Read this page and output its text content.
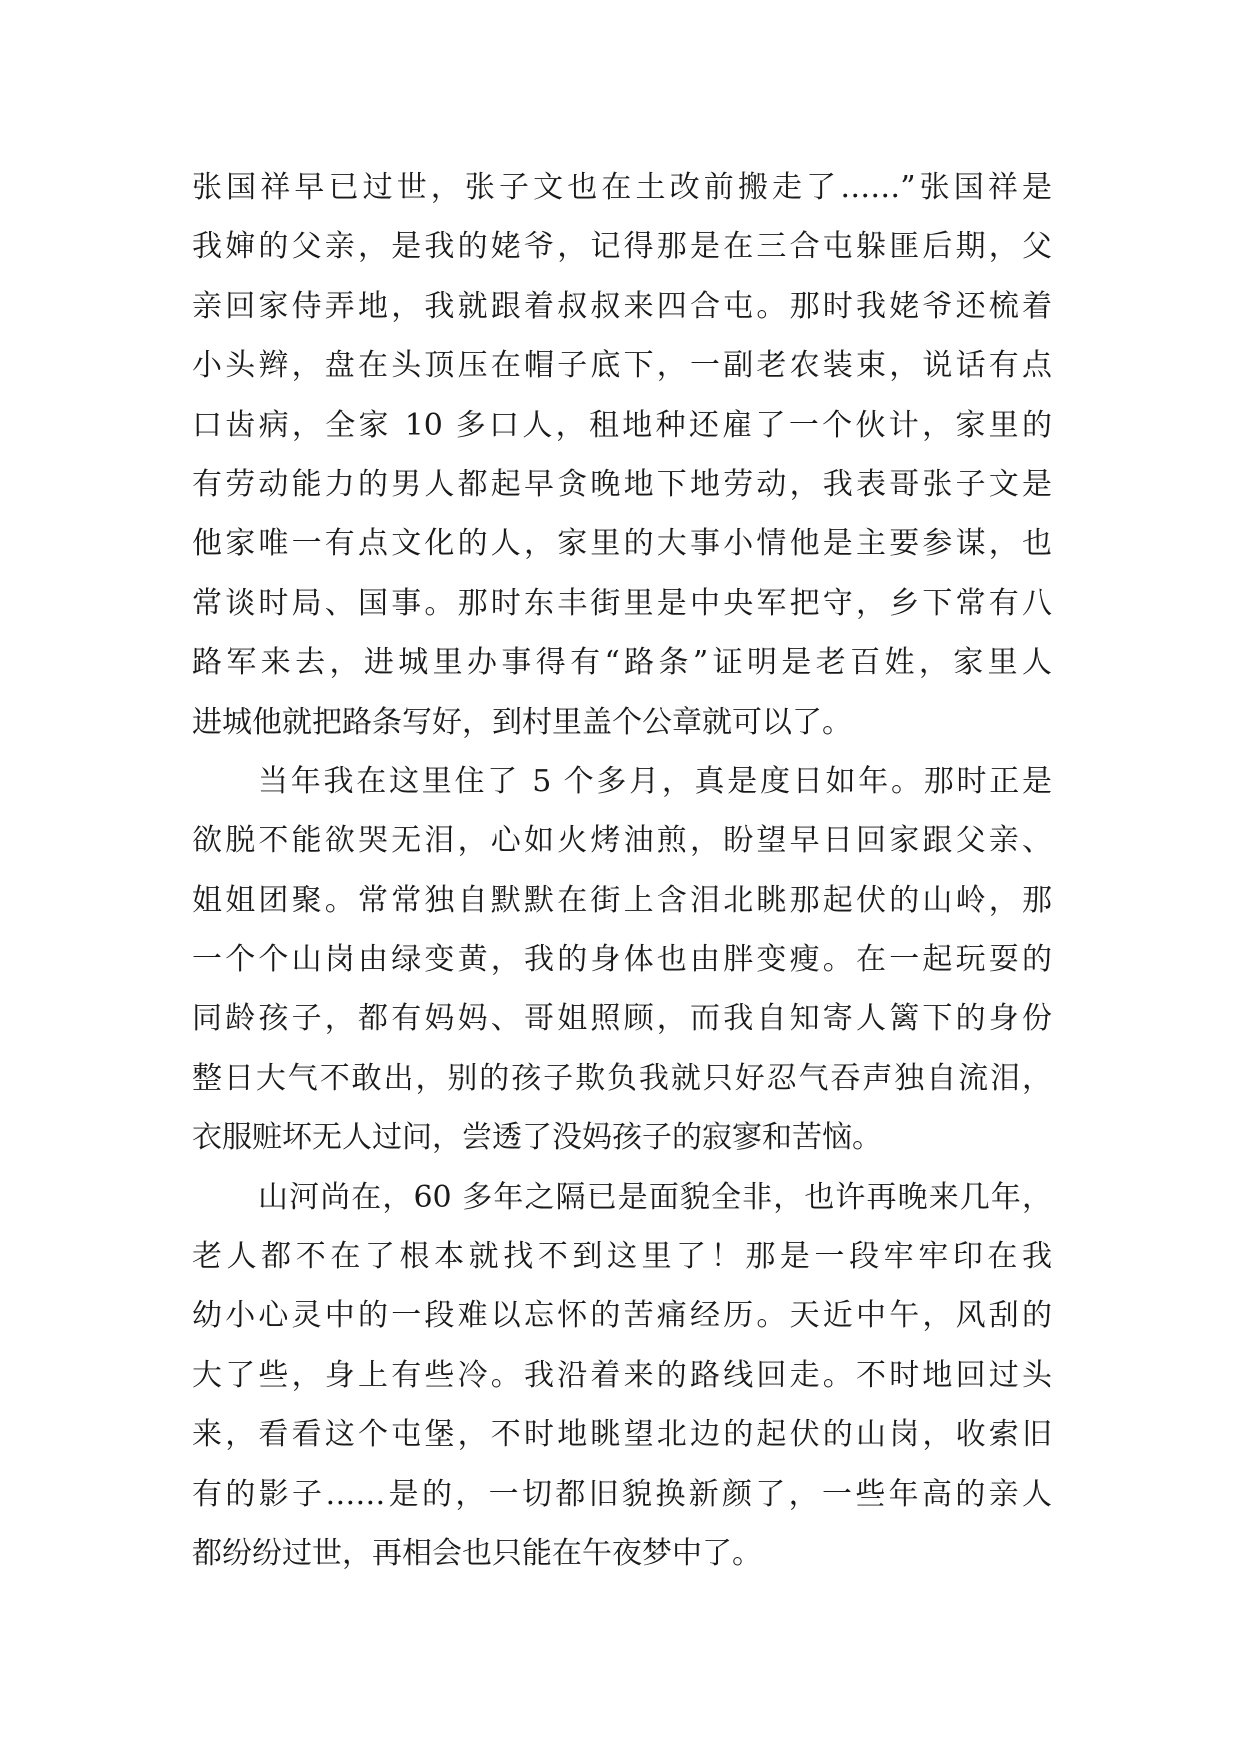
张国祥早已过世，张子文也在土改前搬走了……”张国祥是
我婶的父亲，是我的姥爷，记得那是在三合屯躲匪后期，父
亲回家侍弄地，我就跟着叔叔来四合屯。那时我姥爷还梳着
小头辫，盘在头顶压在帽子底下，一副老农装束，说话有点
口齿病，全家 10 多口人，租地种还雇了一个伙计，家里的
有劳动能力的男人都起早贪晚地下地劳动，我表哥张子文是
他家唯一有点文化的人，家里的大事小情他是主要参谋，也
常谈时局、国事。那时东丰街里是中央军把守，乡下常有八
路军来去，进城里办事得有“路条”证明是老百姓，家里人
进城他就把路条写好，到村里盖个公章就可以了。

当年我在这里住了 5 个多月，真是度日如年。那时正是
欲脱不能欲哭无泪，心如火烤油煎，盼望早日回家跟父亲、
姐姐团聚。常常独自默默在街上含泪北眺那起伏的山岭，那
一个个山岗由绿变黄，我的身体也由胖变瘦。在一起玩耍的
同龄孩子，都有妈妈、哥姐照顾，而我自知寄人篱下的身份
整日大气不敢出，别的孩子欺负我就只好忍气吞声独自流泪，
衣服赃坏无人过问，尝透了没妈孩子的寂寥和苦恼。

山河尚在，60 多年之隔已是面貌全非，也许再晚来几年，
老人都不在了根本就找不到这里了！那是一段牢牢印在我
幼小心灵中的一段难以忘怀的苦痛经历。天近中午，风刮的
大了些，身上有些冷。我沿着来的路线回走。不时地回过头
来，看看这个屯堡，不时地眺望北边的起伏的山岗，收索旧
有的影子……是的，一切都旧貌换新颜了，一些年高的亲人
都纷纷过世，再相会也只能在午夜梦中了。
